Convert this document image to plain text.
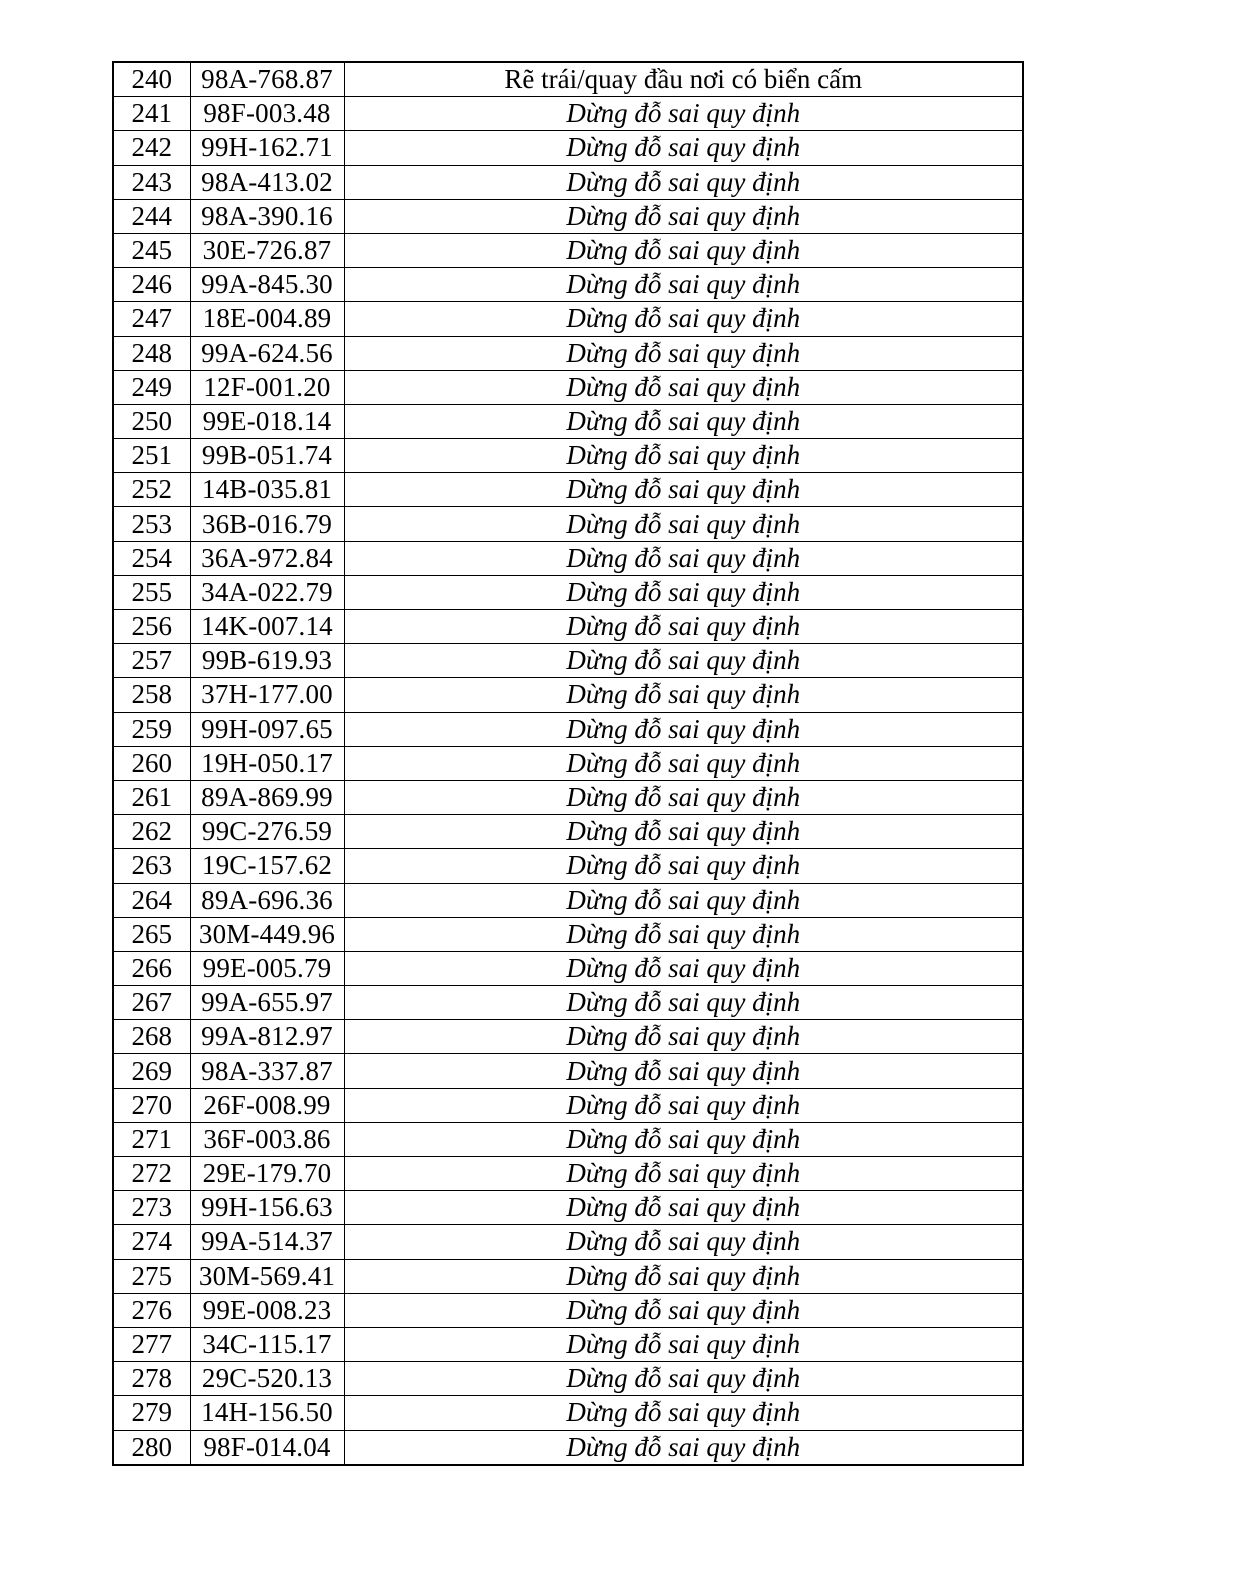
240	98A-768.87	Rẽ trái/quay đầu nơi có biển cấm
241	98F-003.48	Dừng đỗ sai quy định
242	99H-162.71	Dừng đỗ sai quy định
243	98A-413.02	Dừng đỗ sai quy định
244	98A-390.16	Dừng đỗ sai quy định
245	30E-726.87	Dừng đỗ sai quy định
246	99A-845.30	Dừng đỗ sai quy định
247	18E-004.89	Dừng đỗ sai quy định
248	99A-624.56	Dừng đỗ sai quy định
249	12F-001.20	Dừng đỗ sai quy định
250	99E-018.14	Dừng đỗ sai quy định
251	99B-051.74	Dừng đỗ sai quy định
252	14B-035.81	Dừng đỗ sai quy định
253	36B-016.79	Dừng đỗ sai quy định
254	36A-972.84	Dừng đỗ sai quy định
255	34A-022.79	Dừng đỗ sai quy định
256	14K-007.14	Dừng đỗ sai quy định
257	99B-619.93	Dừng đỗ sai quy định
258	37H-177.00	Dừng đỗ sai quy định
259	99H-097.65	Dừng đỗ sai quy định
260	19H-050.17	Dừng đỗ sai quy định
261	89A-869.99	Dừng đỗ sai quy định
262	99C-276.59	Dừng đỗ sai quy định
263	19C-157.62	Dừng đỗ sai quy định
264	89A-696.36	Dừng đỗ sai quy định
265	30M-449.96	Dừng đỗ sai quy định
266	99E-005.79	Dừng đỗ sai quy định
267	99A-655.97	Dừng đỗ sai quy định
268	99A-812.97	Dừng đỗ sai quy định
269	98A-337.87	Dừng đỗ sai quy định
270	26F-008.99	Dừng đỗ sai quy định
271	36F-003.86	Dừng đỗ sai quy định
272	29E-179.70	Dừng đỗ sai quy định
273	99H-156.63	Dừng đỗ sai quy định
274	99A-514.37	Dừng đỗ sai quy định
275	30M-569.41	Dừng đỗ sai quy định
276	99E-008.23	Dừng đỗ sai quy định
277	34C-115.17	Dừng đỗ sai quy định
278	29C-520.13	Dừng đỗ sai quy định
279	14H-156.50	Dừng đỗ sai quy định
280	98F-014.04	Dừng đỗ sai quy định
